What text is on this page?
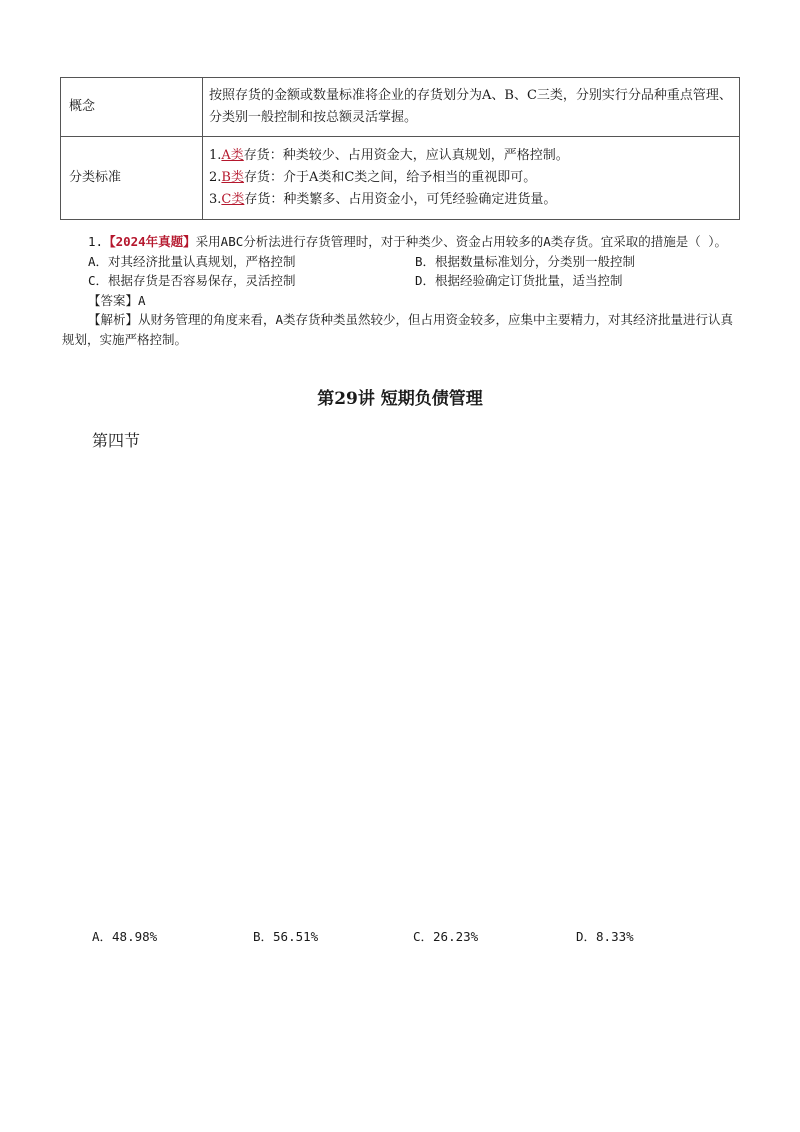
概念	按照存货的金额或数量标准将企业的存货划分为A、B、C三类，分别实行分品种重点管理、分类别一般控制和按总额灵活掌握。
分类标准	1.A类存货：种类较少、占用资金大，应认真规划，严格控制。
2.B类存货：介于A类和C类之间，给予相当的重视即可。
3.C类存货：种类繁多、占用资金小，可凭经验确定进货量。

1.【2024年真题】采用ABC分析法进行存货管理时，对于种类少、资金占用较多的A类存货。宜采取的措施是（ ）。

A．对其经济批量认真规划，严格控制	B．根据数量标准划分，分类别一般控制
C．根据存货是否容易保存，灵活控制	D．根据经验确定订货批量，适当控制

【答案】A

【解析】从财务管理的角度来看，A类存货种类虽然较少，但占用资金较多，应集中主要精力，对其经济批量进行认真规划，实施严格控制。

第29讲 短期负债管理

第四节

A．48.98%	B．56.51%	C．26.23%	D．8.33%
